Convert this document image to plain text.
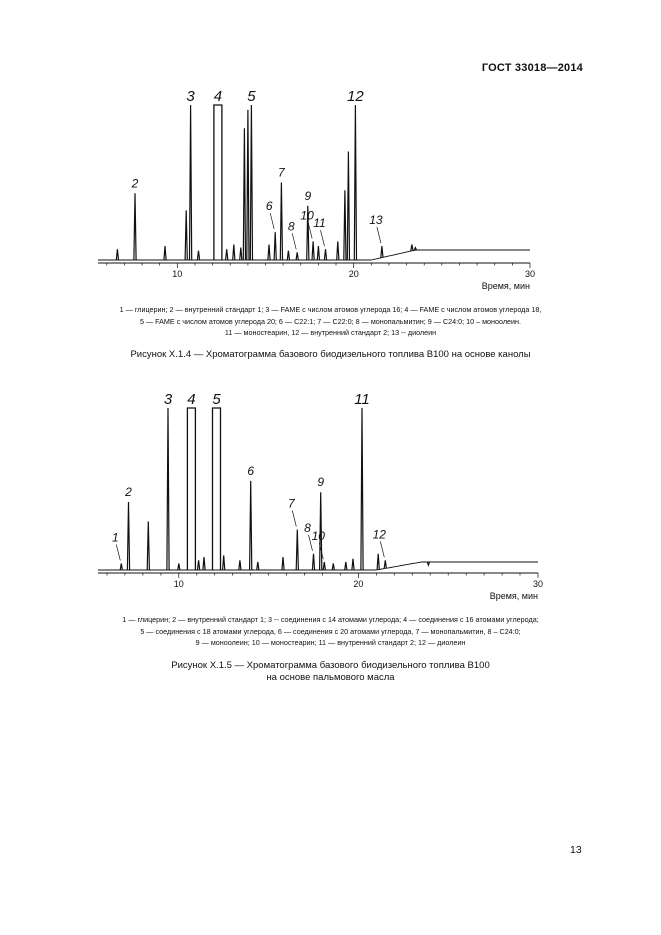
ГОСТ 33018—2014
2
3 4 5
6
7
8
9
10
11
12
13
10	20	30
Время, мин
1 — глицерин; 2 — внутренний стандарт 1; 3 — FAME с числом атомов углерода 16; 4 — FAME с числом атомов углерода 18,
5 — FAME с числом атомов углерода 20; 6 — С22:1; 7 — С22:0; 8 — монопальмитин; 9 — С24:0; 10 – моноолеин.
11 — моностеарин, 12 — внутренний стандарт 2; 13 -- диолеин
Рисунок Х.1.4 — Хроматограмма базового биодизельного топлива В100 на основе канолы
1
2
3 4 5
6
7
8
9
10
11
12
10	20	30
Время, мин
1 — глицерин; 2 — внутренний стандарт 1; 3 -- соединения с 14 атомами углерода; 4 — соединения с 16 атомами углерода;
5 — соединения с 18 атомами углерода, 6 — соединения с 20 атомами углерода, 7 — монопальмитин, 8 – С24:0;
9 — моноолеин; 10 — моностеарин; 11 — внутренний стандарт 2; 12 — диолеин
Рисунок Х.1.5 — Хроматограмма базового биодизельного топлива В100
на основе пальмового масла
13
